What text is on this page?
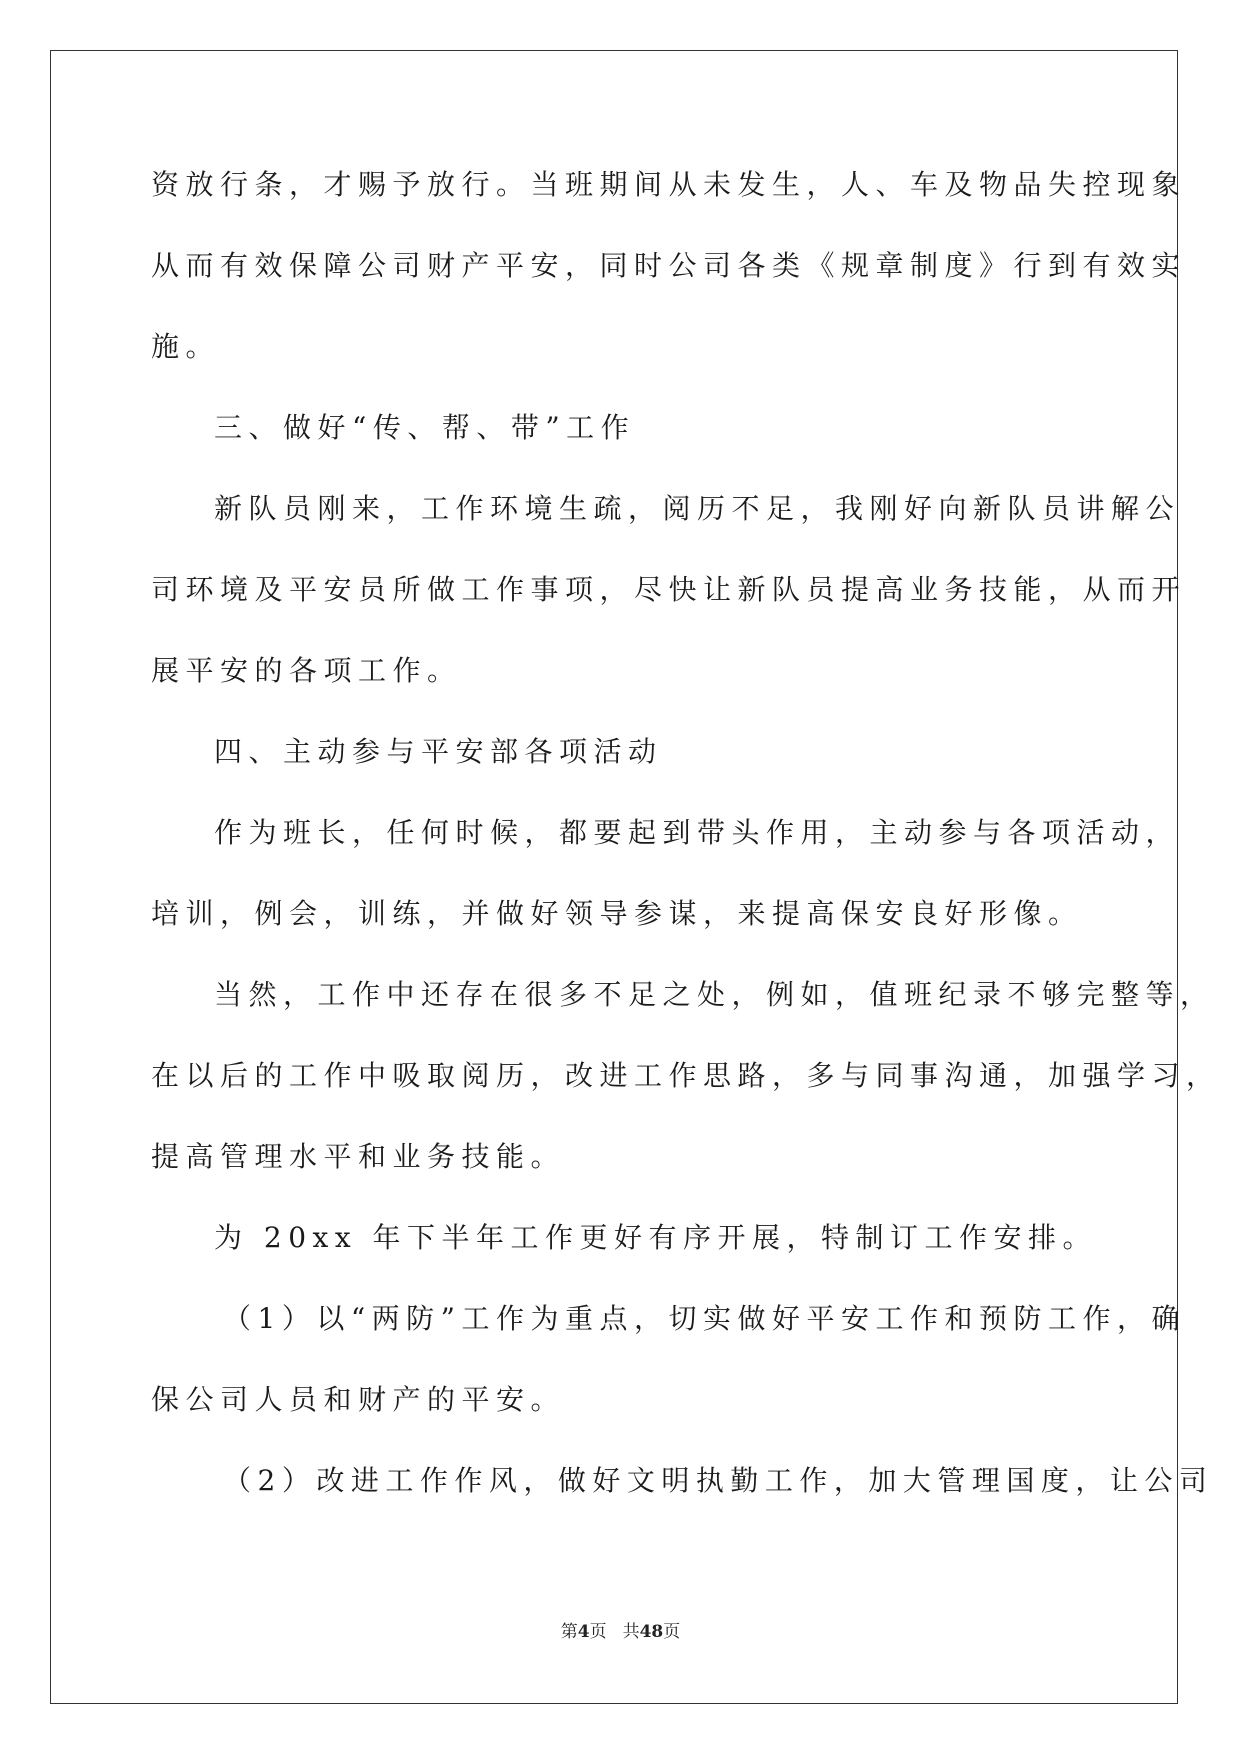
资放行条，才赐予放行。当班期间从未发生，人、车及物品失控现象
从而有效保障公司财产平安，同时公司各类《规章制度》行到有效实
施。
三、做好“传、帮、带”工作
新队员刚来，工作环境生疏，阅历不足，我刚好向新队员讲解公
司环境及平安员所做工作事项，尽快让新队员提高业务技能，从而开
展平安的各项工作。
四、主动参与平安部各项活动
作为班长，任何时候，都要起到带头作用，主动参与各项活动，
培训，例会，训练，并做好领导参谋，来提高保安良好形像。
当然，工作中还存在很多不足之处，例如，值班纪录不够完整等，
在以后的工作中吸取阅历，改进工作思路，多与同事沟通，加强学习，
提高管理水平和业务技能。
为 20xx 年下半年工作更好有序开展，特制订工作安排。
（1）以“两防”工作为重点，切实做好平安工作和预防工作，确
保公司人员和财产的平安。
（2）改进工作作风，做好文明执勤工作，加大管理国度，让公司
第4页 共48页
